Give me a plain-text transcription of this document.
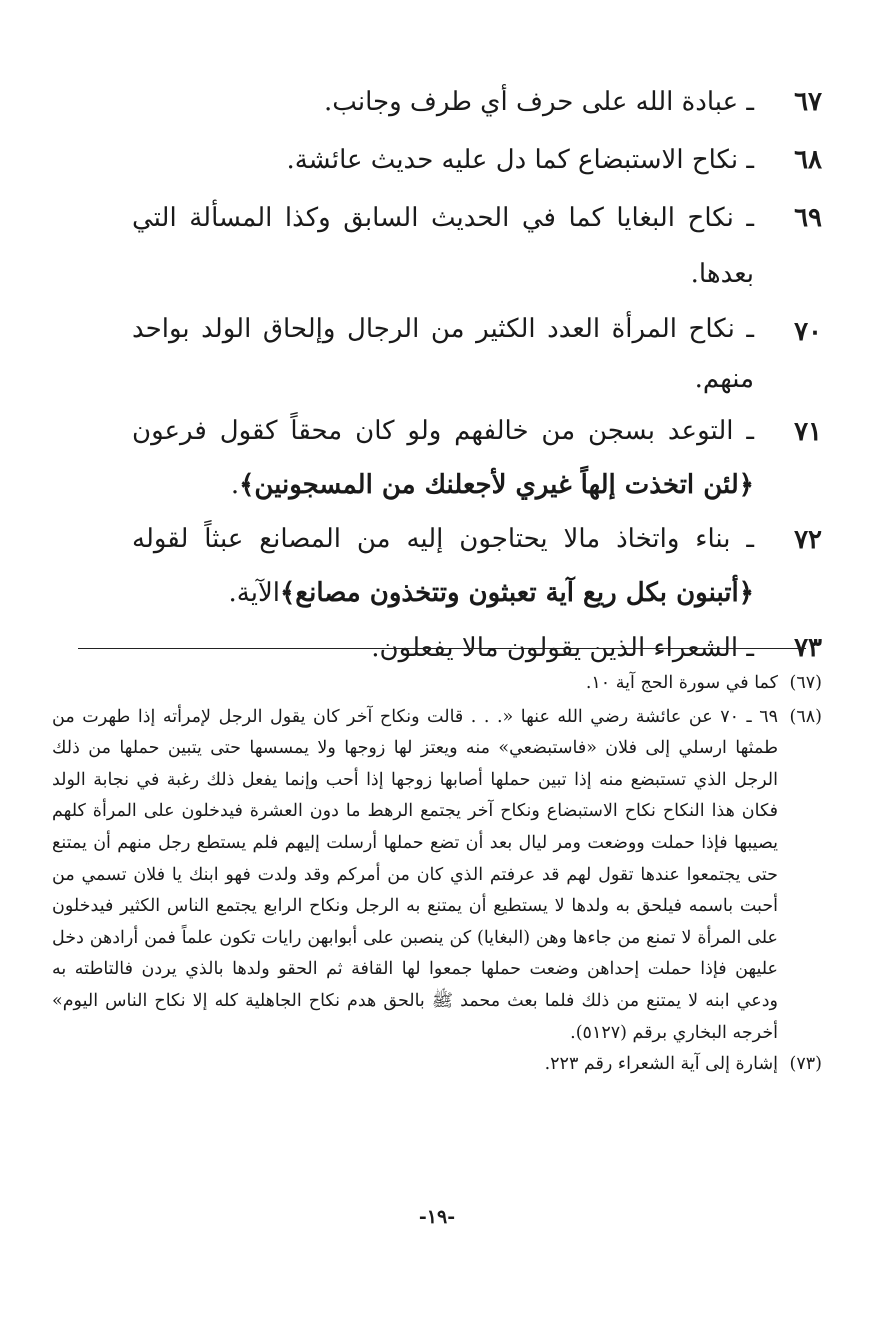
٦٧
ـ عبادة الله على حرف أي طرف وجانب.
٦٨
ـ نكاح الاستبضاع كما دل عليه حديث عائشة.
٦٩
ـ نكاح البغايا كما في الحديث السابق وكذا المسألة التي بعدها.
٧٠
ـ نكاح المرأة العدد الكثير من الرجال وإلحاق الولد بواحد منهم.
٧١
ـ التوعد بسجن من خالفهم ولو كان محقاً كقول فرعون ﴿لئن اتخذت إلهاً غيري لأجعلنك من المسجونين﴾.
٧٢
ـ بناء واتخاذ مالا يحتاجون إليه من المصانع عبثاً لقوله ﴿أتبنون بكل ريع آية تعبثون وتتخذون مصانع﴾الآية.
٧٣
ـ الشعراء الذين يقولون مالا يفعلون.
(٦٧)
كما في سورة الحج آية ١٠.
(٦٨)
٦٩ ـ ٧٠ عن عائشة رضي الله عنها «. . . قالت ونكاح آخر كان يقول الرجل لإمرأته إذا طهرت من طمثها ارسلي إلى فلان «فاستبضعي» منه ويعتز لها زوجها ولا يمسسها حتى يتبين حملها من ذلك الرجل الذي تستبضع منه إذا تبين حملها أصابها زوجها إذا أحب وإنما يفعل ذلك رغبة في نجابة الولد فكان هذا النكاح نكاح الاستبضاع ونكاح آخر يجتمع الرهط ما دون العشرة فيدخلون على المرأة كلهم يصيبها فإذا حملت ووضعت ومر ليال بعد أن تضع حملها أرسلت إليهم فلم يستطع رجل منهم أن يمتنع حتى يجتمعوا عندها تقول لهم قد عرفتم الذي كان من أمركم وقد ولدت فهو ابنك يا فلان تسمي من أحبت باسمه فيلحق به ولدها لا يستطيع أن يمتنع به الرجل ونكاح الرابع يجتمع الناس الكثير فيدخلون على المرأة لا تمنع من جاءها وهن (البغايا) كن ينصبن على أبوابهن رايات تكون علماً فمن أرادهن دخل عليهن فإذا حملت إحداهن وضعت حملها جمعوا لها القافة ثم الحقو ولدها بالذي يردن فالتاطته به ودعي ابنه لا يمتنع من ذلك فلما بعث محمد ﷺ بالحق هدم نكاح الجاهلية كله إلا نكاح الناس اليوم» أخرجه البخاري برقم (٥١٢٧).
(٧٣)
إشارة إلى آية الشعراء رقم ٢٢٣.
-١٩-
